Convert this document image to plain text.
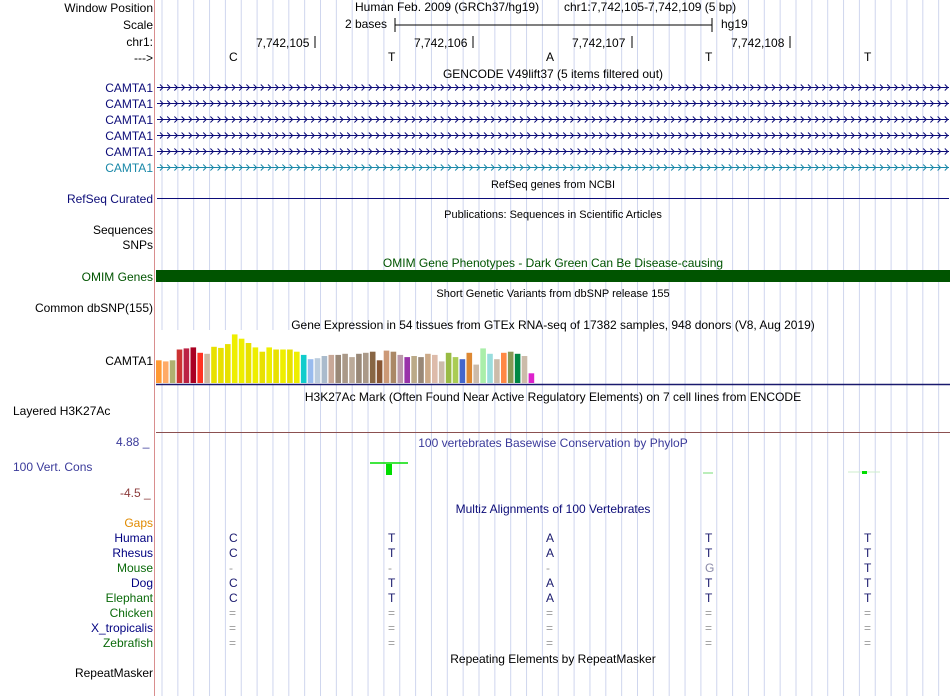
Window Position
Scale
chr1:
--->
Human Feb. 2009 (GRCh37/hg19) chr1:7,742,105-7,742,109 (5 bp)
2 bases	hg19
7,742,105	7,742,106	7,742,107	7,742,108
C	T	A	T	T
GENCODE V49lift37 (5 items filtered out)
CAMTA1
CAMTA1
CAMTA1
CAMTA1
CAMTA1
CAMTA1
RefSeq genes from NCBI
RefSeq Curated
Publications: Sequences in Scientific Articles
Sequences
SNPs
OMIM Gene Phenotypes - Dark Green Can Be Disease-causing
OMIM Genes
Short Genetic Variants from dbSNP release 155
Common dbSNP(155)
Gene Expression in 54 tissues from GTEx RNA-seq of 17382 samples, 948 donors (V8, Aug 2019)
CAMTA1
H3K27Ac Mark (Often Found Near Active Regulatory Elements) on 7 cell lines from ENCODE
Layered H3K27Ac
100 vertebrates Basewise Conservation by PhyloP
4.88 _
100 Vert. Cons
-4.5 _
Multiz Alignments of 100 Vertebrates
Gaps
Human	C	T	A	T	T
Rhesus	C	T	A	T	T
Mouse	-	-	-	G	T
Dog	C	T	A	T	T
Elephant	C	T	A	T	T
Chicken	=	=	=	=	=
X_tropicalis	=	=	=	=	=
Zebrafish	=	=	=	=	=
Repeating Elements by RepeatMasker
RepeatMasker
